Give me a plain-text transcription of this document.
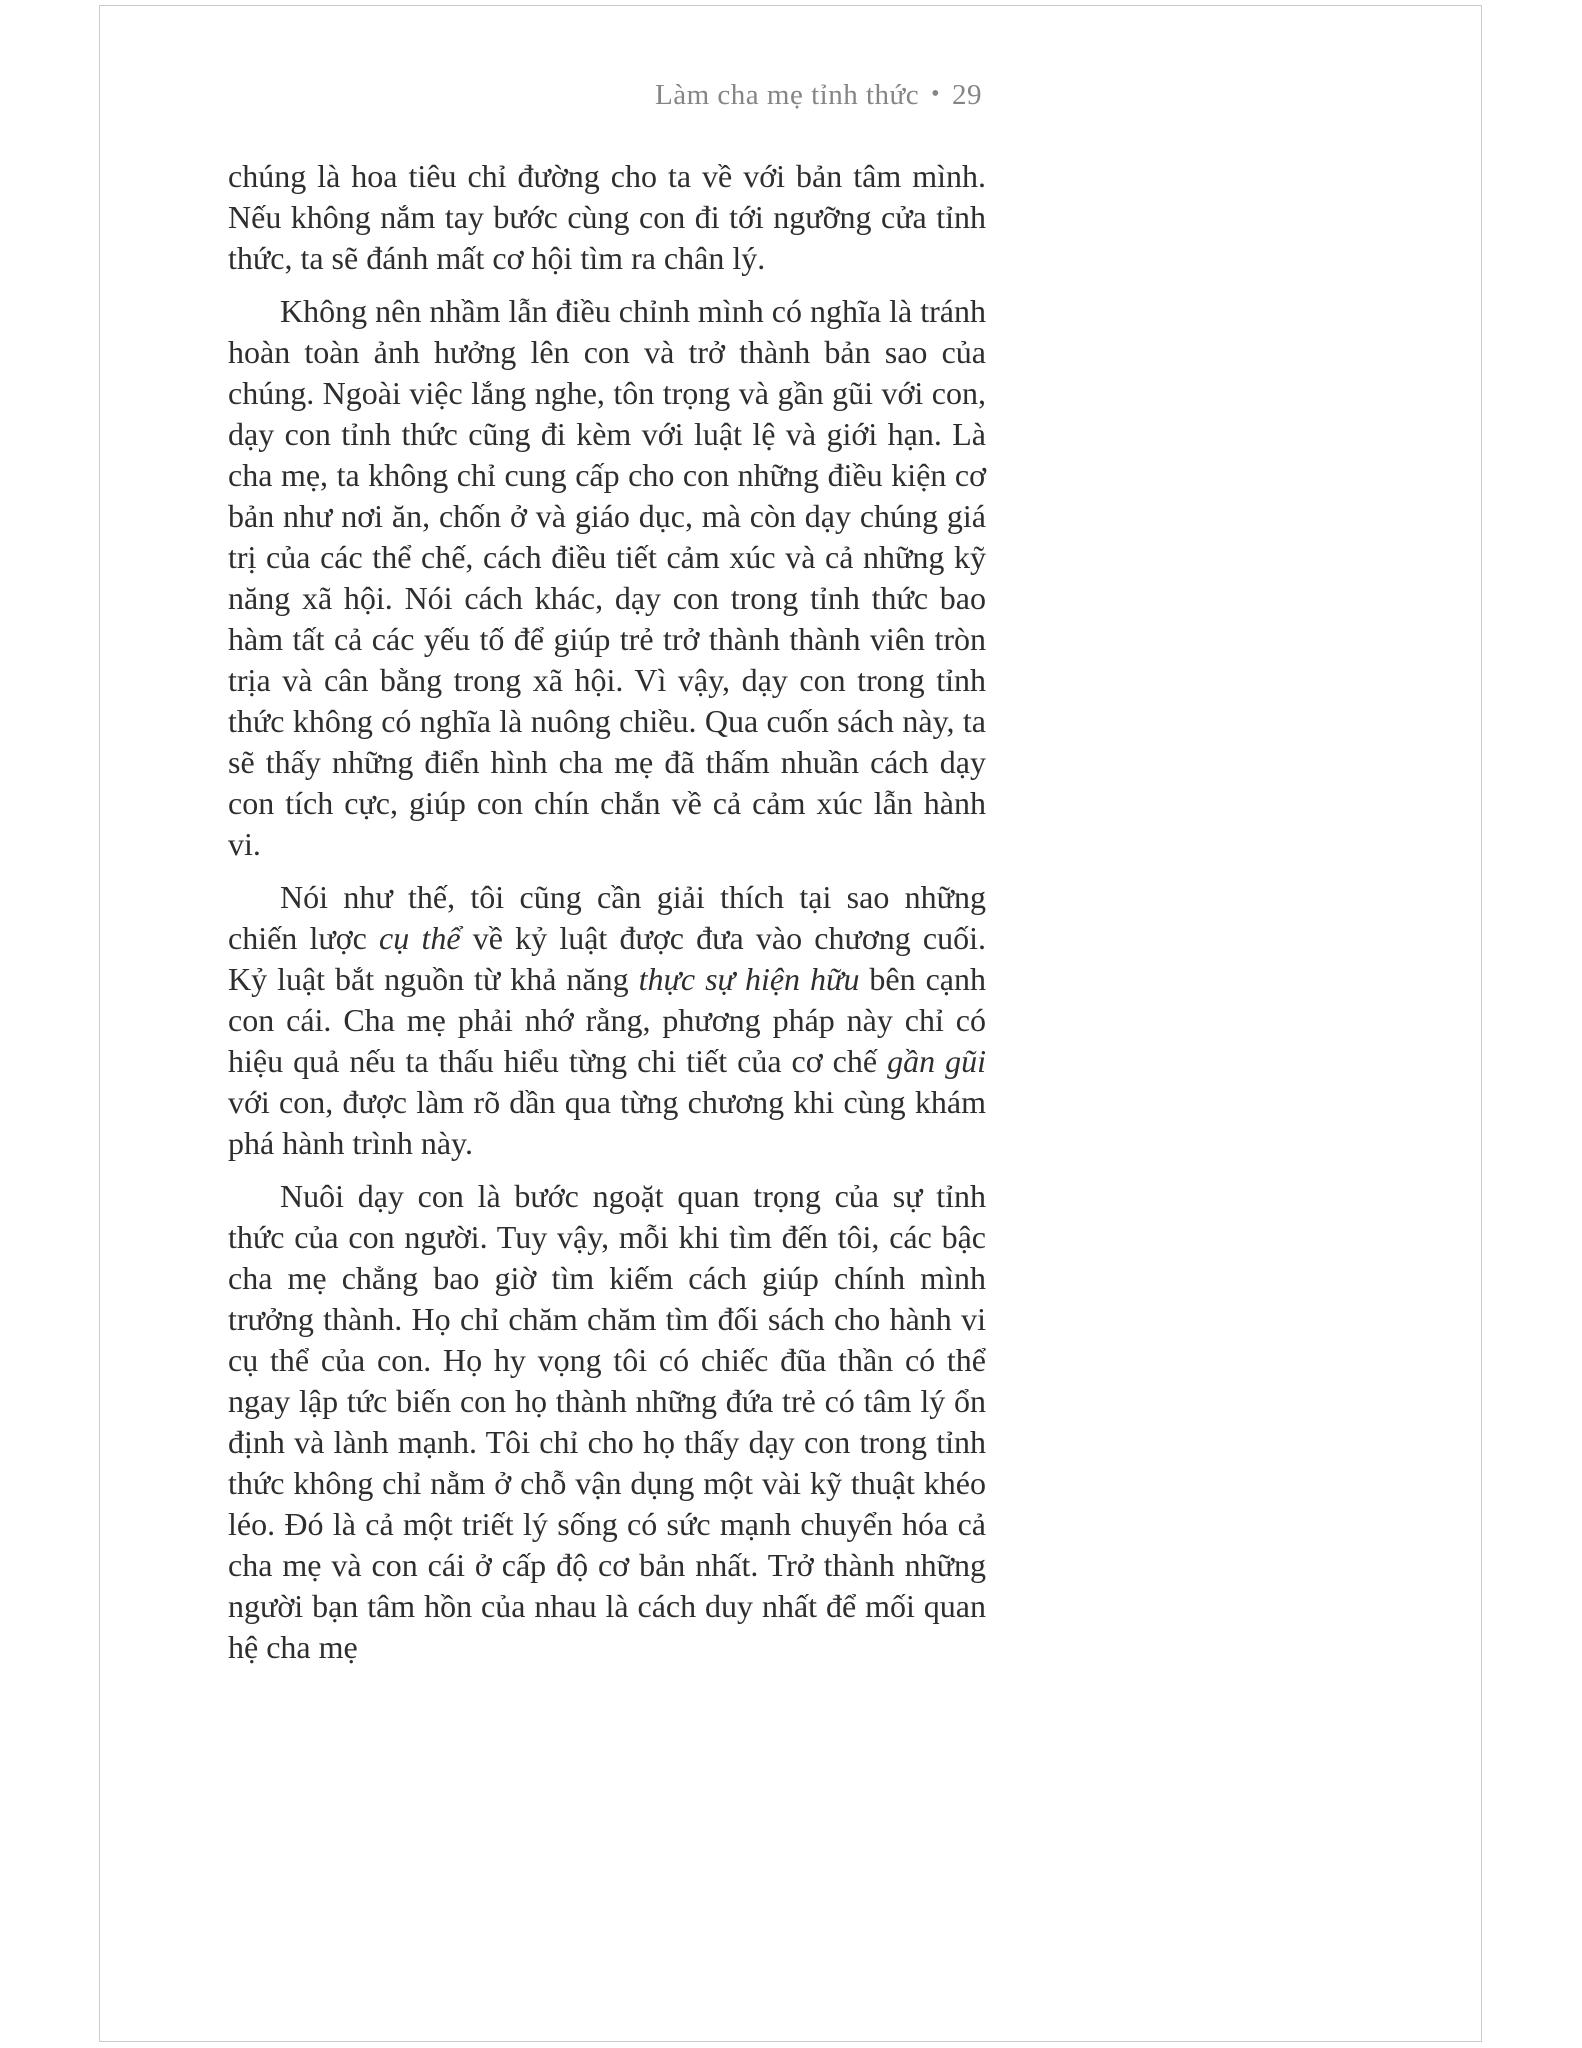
Làm cha mẹ tỉnh thức • 29

chúng là hoa tiêu chỉ đường cho ta về với bản tâm mình. Nếu không nắm tay bước cùng con đi tới ngưỡng cửa tỉnh thức, ta sẽ đánh mất cơ hội tìm ra chân lý.

Không nên nhầm lẫn điều chỉnh mình có nghĩa là tránh hoàn toàn ảnh hưởng lên con và trở thành bản sao của chúng. Ngoài việc lắng nghe, tôn trọng và gần gũi với con, dạy con tỉnh thức cũng đi kèm với luật lệ và giới hạn. Là cha mẹ, ta không chỉ cung cấp cho con những điều kiện cơ bản như nơi ăn, chốn ở và giáo dục, mà còn dạy chúng giá trị của các thể chế, cách điều tiết cảm xúc và cả những kỹ năng xã hội. Nói cách khác, dạy con trong tỉnh thức bao hàm tất cả các yếu tố để giúp trẻ trở thành thành viên tròn trịa và cân bằng trong xã hội. Vì vậy, dạy con trong tỉnh thức không có nghĩa là nuông chiều. Qua cuốn sách này, ta sẽ thấy những điển hình cha mẹ đã thấm nhuần cách dạy con tích cực, giúp con chín chắn về cả cảm xúc lẫn hành vi.

Nói như thế, tôi cũng cần giải thích tại sao những chiến lược cụ thể về kỷ luật được đưa vào chương cuối. Kỷ luật bắt nguồn từ khả năng thực sự hiện hữu bên cạnh con cái. Cha mẹ phải nhớ rằng, phương pháp này chỉ có hiệu quả nếu ta thấu hiểu từng chi tiết của cơ chế gần gũi với con, được làm rõ dần qua từng chương khi cùng khám phá hành trình này.

Nuôi dạy con là bước ngoặt quan trọng của sự tỉnh thức của con người. Tuy vậy, mỗi khi tìm đến tôi, các bậc cha mẹ chẳng bao giờ tìm kiếm cách giúp chính mình trưởng thành. Họ chỉ chăm chăm tìm đối sách cho hành vi cụ thể của con. Họ hy vọng tôi có chiếc đũa thần có thể ngay lập tức biến con họ thành những đứa trẻ có tâm lý ổn định và lành mạnh. Tôi chỉ cho họ thấy dạy con trong tỉnh thức không chỉ nằm ở chỗ vận dụng một vài kỹ thuật khéo léo. Đó là cả một triết lý sống có sức mạnh chuyển hóa cả cha mẹ và con cái ở cấp độ cơ bản nhất. Trở thành những người bạn tâm hồn của nhau là cách duy nhất để mối quan hệ cha mẹ
